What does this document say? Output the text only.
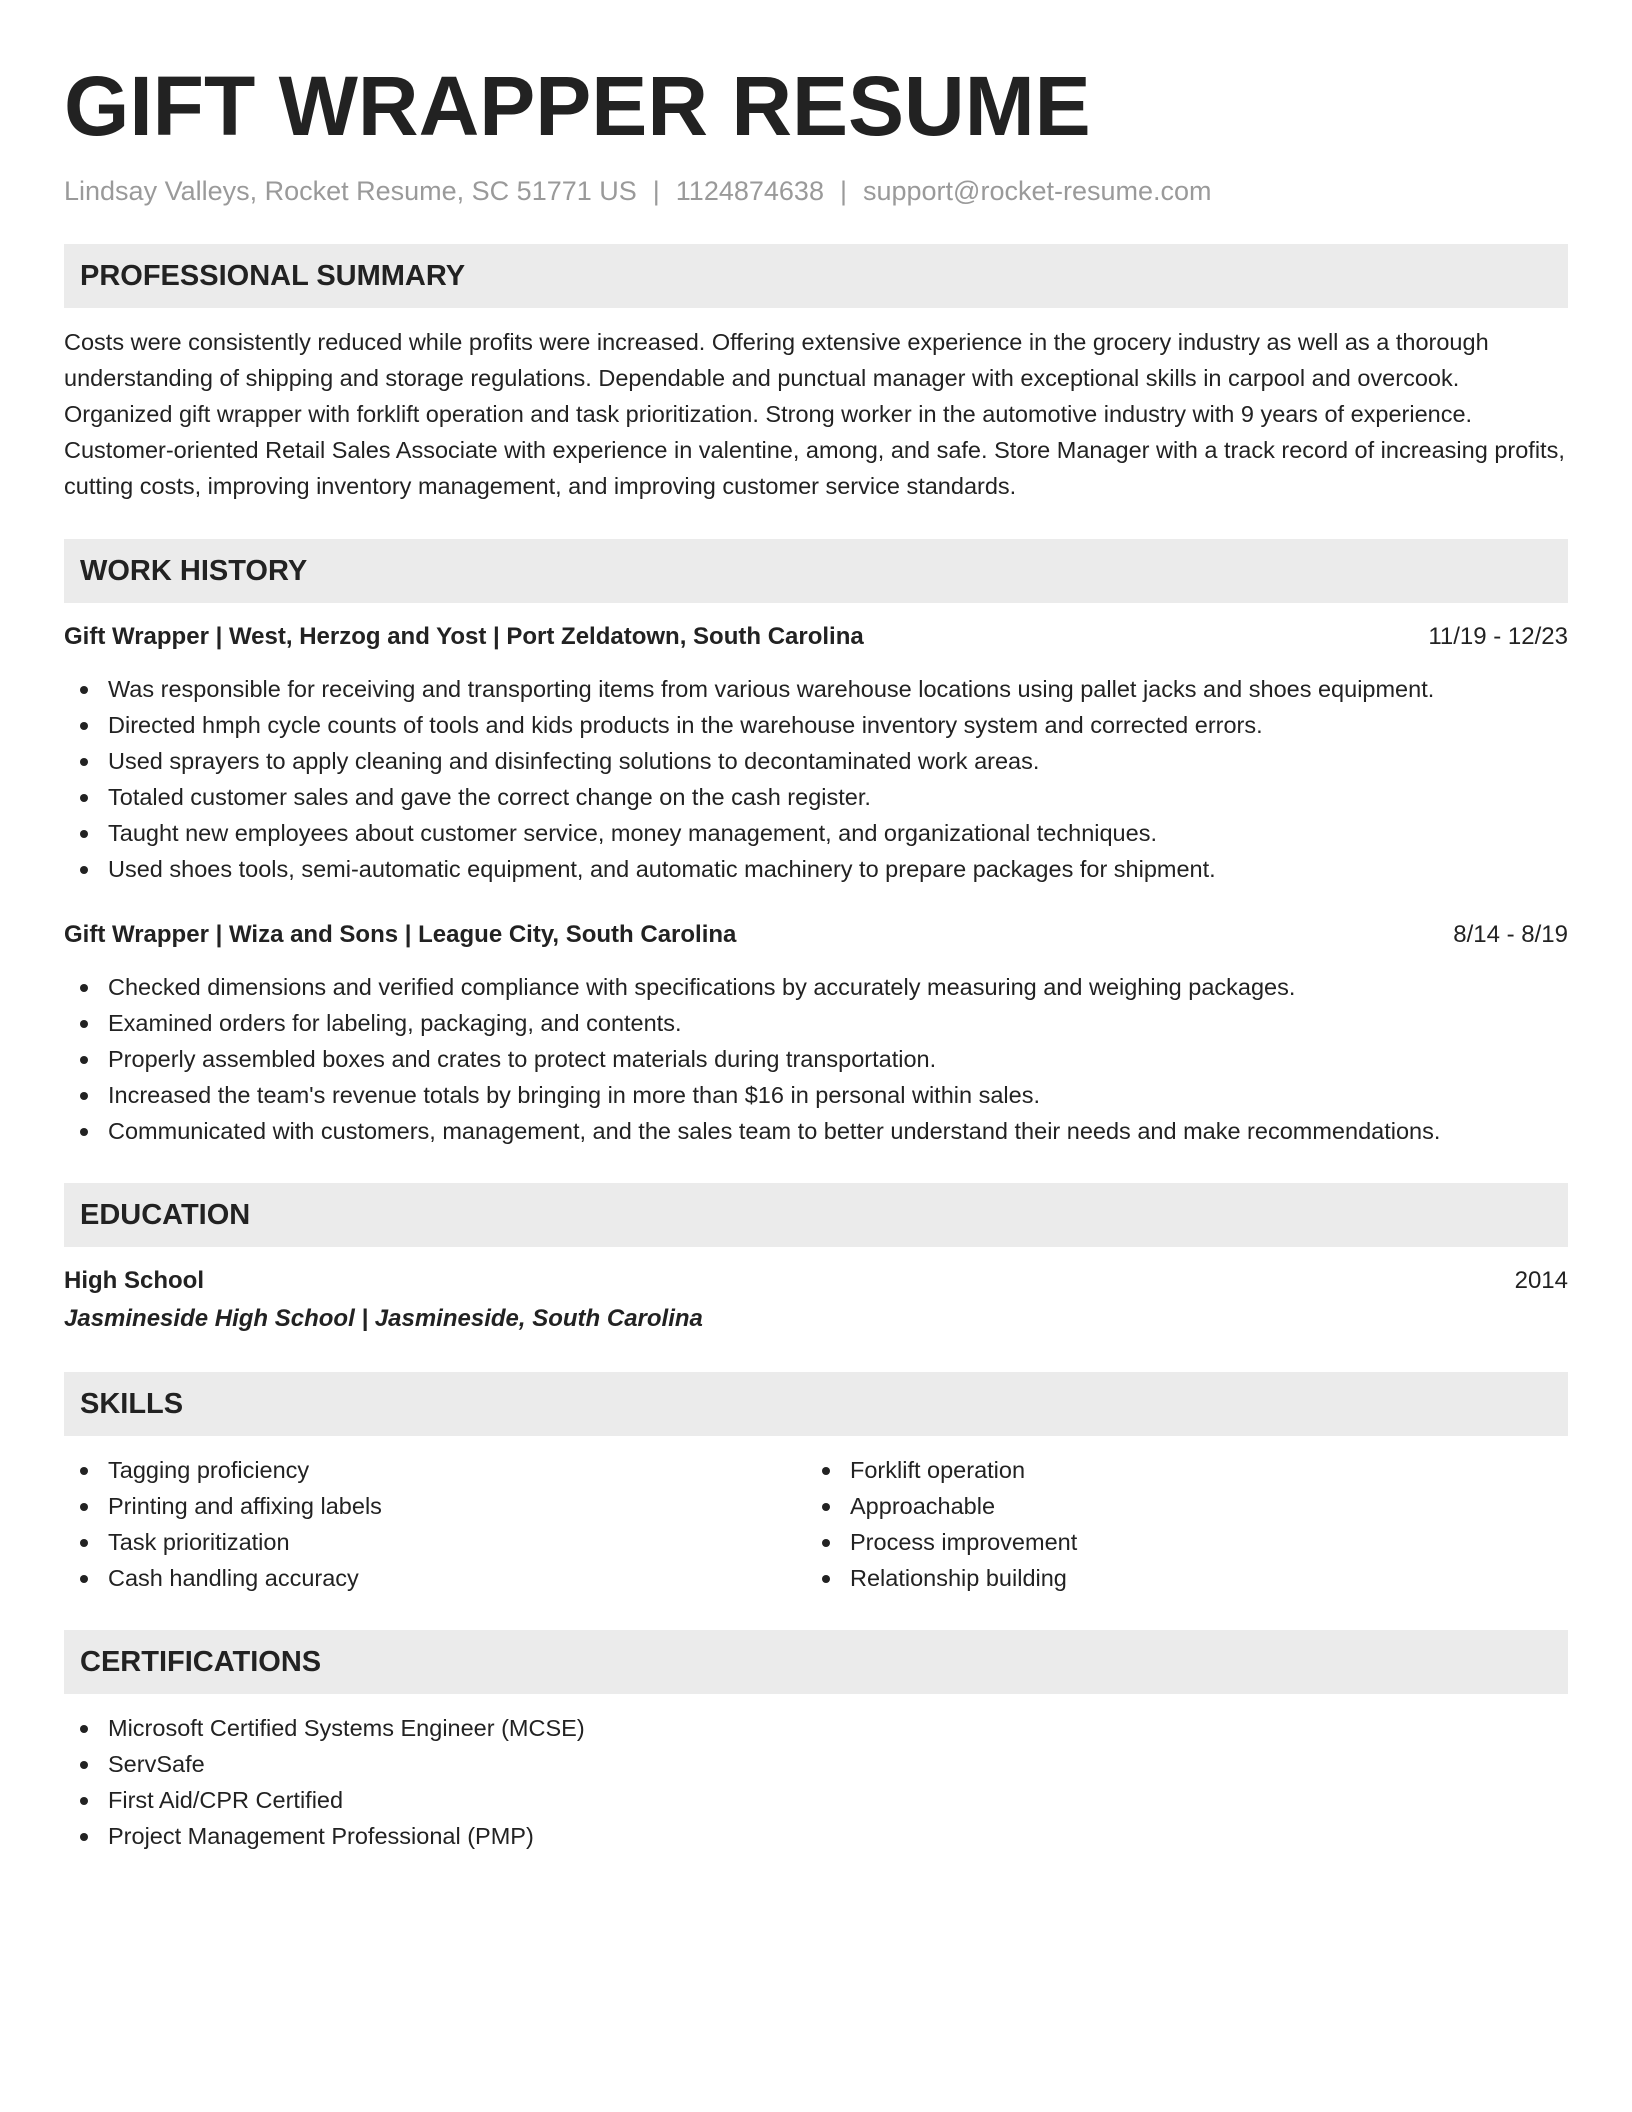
GIFT WRAPPER RESUME
Lindsay Valleys, Rocket Resume, SC 51771 US | 1124874638 | support@rocket-resume.com
PROFESSIONAL SUMMARY
Costs were consistently reduced while profits were increased. Offering extensive experience in the grocery industry as well as a thorough understanding of shipping and storage regulations. Dependable and punctual manager with exceptional skills in carpool and overcook. Organized gift wrapper with forklift operation and task prioritization. Strong worker in the automotive industry with 9 years of experience. Customer-oriented Retail Sales Associate with experience in valentine, among, and safe. Store Manager with a track record of increasing profits, cutting costs, improving inventory management, and improving customer service standards.
WORK HISTORY
Gift Wrapper | West, Herzog and Yost | Port Zeldatown, South Carolina	11/19 - 12/23
Was responsible for receiving and transporting items from various warehouse locations using pallet jacks and shoes equipment.
Directed hmph cycle counts of tools and kids products in the warehouse inventory system and corrected errors.
Used sprayers to apply cleaning and disinfecting solutions to decontaminated work areas.
Totaled customer sales and gave the correct change on the cash register.
Taught new employees about customer service, money management, and organizational techniques.
Used shoes tools, semi-automatic equipment, and automatic machinery to prepare packages for shipment.
Gift Wrapper | Wiza and Sons | League City, South Carolina	8/14 - 8/19
Checked dimensions and verified compliance with specifications by accurately measuring and weighing packages.
Examined orders for labeling, packaging, and contents.
Properly assembled boxes and crates to protect materials during transportation.
Increased the team's revenue totals by bringing in more than $16 in personal within sales.
Communicated with customers, management, and the sales team to better understand their needs and make recommendations.
EDUCATION
High School	2014
Jasmineside High School | Jasmineside, South Carolina
SKILLS
Tagging proficiency
Printing and affixing labels
Task prioritization
Cash handling accuracy
Forklift operation
Approachable
Process improvement
Relationship building
CERTIFICATIONS
Microsoft Certified Systems Engineer (MCSE)
ServSafe
First Aid/CPR Certified
Project Management Professional (PMP)
